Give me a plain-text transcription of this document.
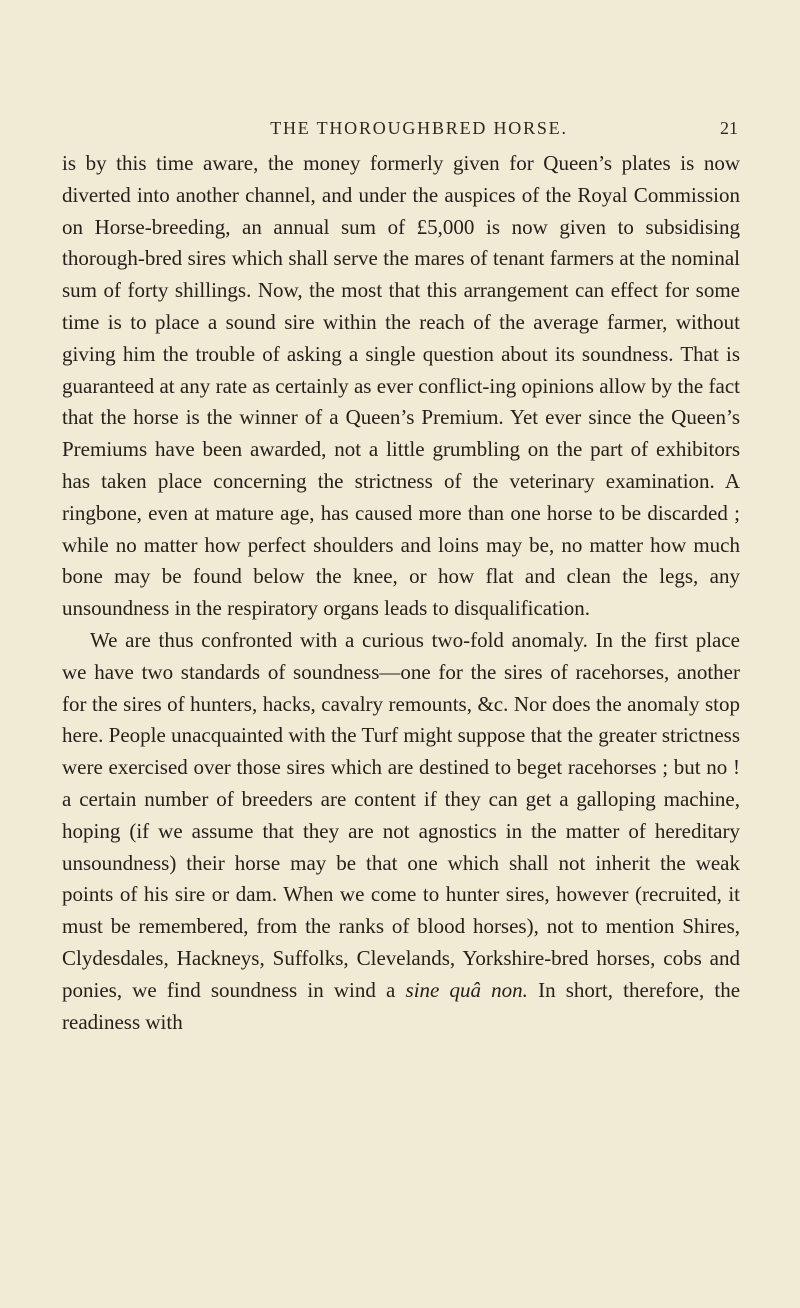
THE THOROUGHBRED HORSE.	21

is by this time aware, the money formerly given for Queen’s plates is now diverted into another channel, and under the auspices of the Royal Commission on Horse-breeding, an annual sum of £5,000 is now given to subsidising thorough-bred sires which shall serve the mares of tenant farmers at the nominal sum of forty shillings. Now, the most that this arrangement can effect for some time is to place a sound sire within the reach of the average farmer, without giving him the trouble of asking a single question about its soundness. That is guaranteed at any rate as certainly as ever conflict-ing opinions allow by the fact that the horse is the winner of a Queen’s Premium. Yet ever since the Queen’s Premiums have been awarded, not a little grumbling on the part of exhibitors has taken place concerning the strictness of the veterinary examination. A ringbone, even at mature age, has caused more than one horse to be discarded ; while no matter how perfect shoulders and loins may be, no matter how much bone may be found below the knee, or how flat and clean the legs, any unsoundness in the respiratory organs leads to disqualification.

We are thus confronted with a curious two-fold anomaly. In the first place we have two standards of soundness—one for the sires of racehorses, another for the sires of hunters, hacks, cavalry remounts, &c. Nor does the anomaly stop here. People unacquainted with the Turf might suppose that the greater strictness were exercised over those sires which are destined to beget racehorses ; but no ! a certain number of breeders are content if they can get a galloping machine, hoping (if we assume that they are not agnostics in the matter of hereditary unsoundness) their horse may be that one which shall not inherit the weak points of his sire or dam. When we come to hunter sires, however (recruited, it must be remembered, from the ranks of blood horses), not to mention Shires, Clydesdales, Hackneys, Suffolks, Clevelands, Yorkshire-bred horses, cobs and ponies, we find soundness in wind a sine quâ non. In short, therefore, the readiness with
